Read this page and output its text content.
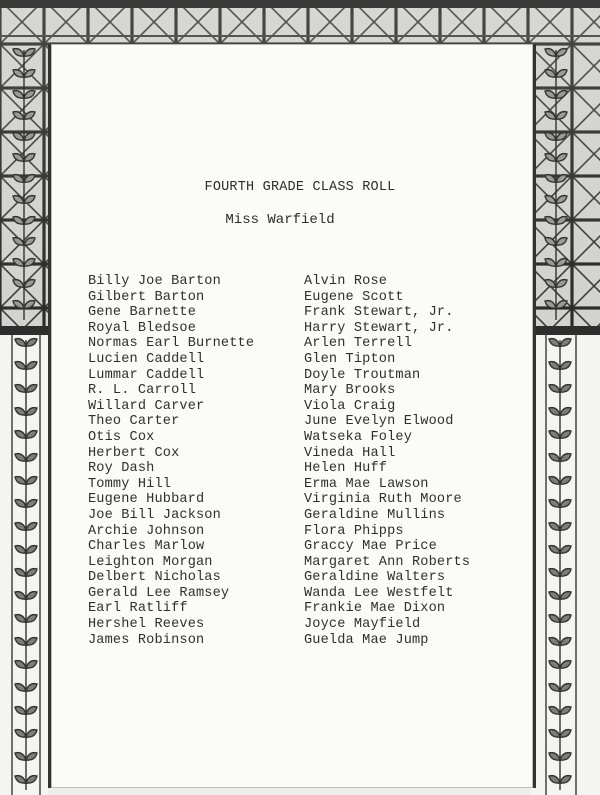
FOURTH GRADE CLASS ROLL
Miss Warfield
Billy Joe Barton
Gilbert Barton
Gene Barnette
Royal Bledsoe
Normas Earl Burnette
Lucien Caddell
Lummar Caddell
R. L. Carroll
Willard Carver
Theo Carter
Otis Cox
Herbert Cox
Roy Dash
Tommy Hill
Eugene Hubbard
Joe Bill Jackson
Archie Johnson
Charles Marlow
Leighton Morgan
Delbert Nicholas
Gerald Lee Ramsey
Earl Ratliff
Hershel Reeves
James Robinson
Alvin Rose
Eugene Scott
Frank Stewart, Jr.
Harry Stewart, Jr.
Arlen Terrell
Glen Tipton
Doyle Troutman
Mary Brooks
Viola Craig
June Evelyn Elwood
Watseka Foley
Vineda Hall
Helen Huff
Erma Mae Lawson
Virginia Ruth Moore
Geraldine Mullins
Flora Phipps
Graccy Mae Price
Margaret Ann Roberts
Geraldine Walters
Wanda Lee Westfelt
Frankie Mae Dixon
Joyce Mayfield
Guelda Mae Jump
